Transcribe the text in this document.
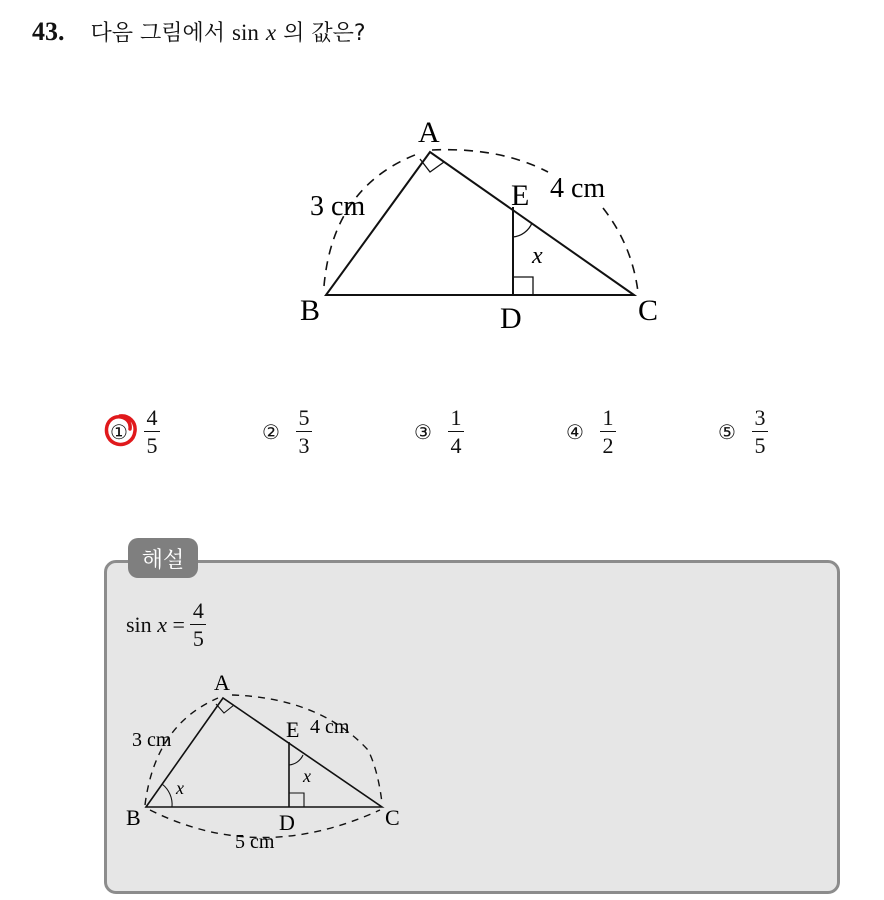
43. 다음 그림에서 sin x 의 값은?
A
B	C
D
E
x
3 cm
4 cm
① $\frac{4}{5}$	② $\frac{5}{3}$	③ $\frac{1}{4}$	④ $\frac{1}{2}$	⑤ $\frac{3}{5}$
해설
sin
x
=
$\frac{4}{5}$
A
B	C
D
E
x
x
3 cm
4 cm
5 cm
